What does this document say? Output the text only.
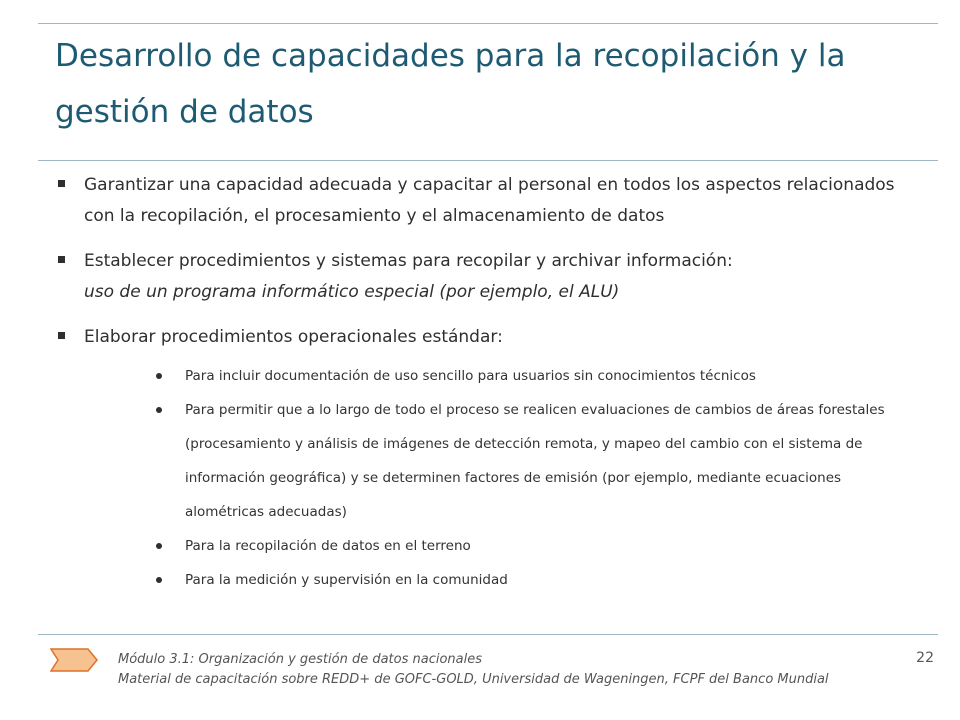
Desarrollo de capacidades para la recopilación y la gestión de datos
Garantizar una capacidad adecuada y capacitar al personal en todos los aspectos relacionados con la recopilación, el procesamiento y el almacenamiento de datos
Establecer procedimientos y sistemas para recopilar y archivar información:
uso de un programa informático especial (por ejemplo, el ALU)
Elaborar procedimientos operacionales estándar:
Para incluir documentación de uso sencillo para usuarios sin conocimientos técnicos
Para permitir que a lo largo de todo el proceso se realicen evaluaciones de cambios de áreas forestales (procesamiento y análisis de imágenes de detección remota, y mapeo del cambio con el sistema de información geográfica) y se determinen factores de emisión (por ejemplo, mediante ecuaciones alométricas adecuadas)
Para la recopilación de datos en el terreno
Para la medición y supervisión en la comunidad
Módulo 3.1: Organización y gestión de datos nacionales
Material de capacitación sobre REDD+ de GOFC-GOLD, Universidad de Wageningen, FCPF del Banco Mundial
22
